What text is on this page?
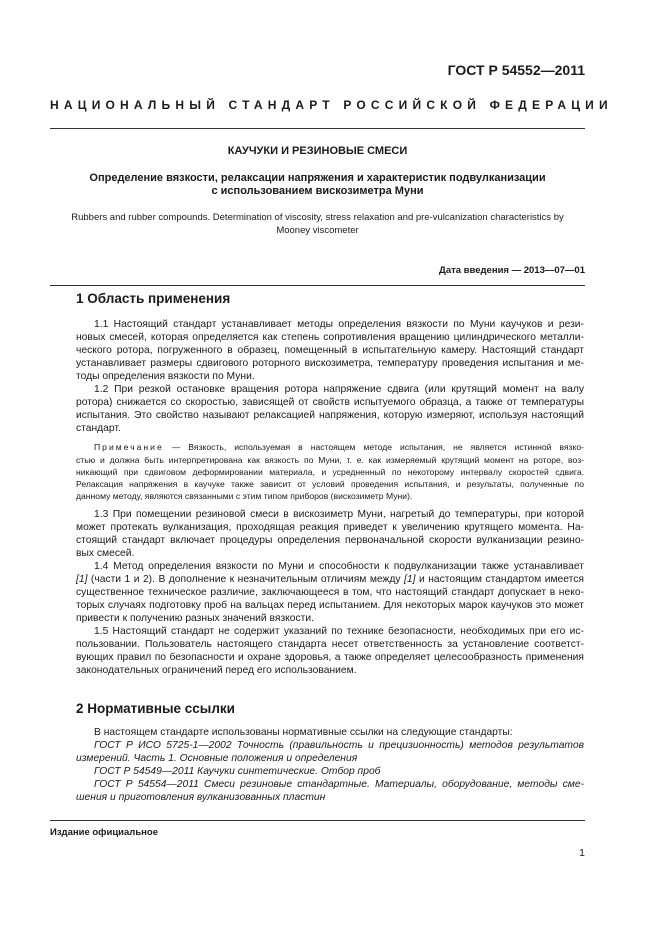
ГОСТ Р 54552—2011
НАЦИОНАЛЬНЫЙ СТАНДАРТ РОССИЙСКОЙ ФЕДЕРАЦИИ
КАУЧУКИ И РЕЗИНОВЫЕ СМЕСИ
Определение вязкости, релаксации напряжения и характеристик подвулканизации
с использованием вискозиметра Муни
Rubbers and rubber compounds. Determination of viscosity, stress relaxation and pre-vulcanization characteristics by
Mooney viscometer
Дата введения — 2013—07—01
1 Область применения
1.1 Настоящий стандарт устанавливает методы определения вязкости по Муни каучуков и рези-
новых смесей, которая определяется как степень сопротивления вращению цилиндрического металли-
ческого ротора, погруженного в образец, помещенный в испытательную камеру. Настоящий стандарт
устанавливает размеры сдвигового роторного вискозиметра, температуру проведения испытания и ме-
тоды определения вязкости по Муни.
1.2 При резкой остановке вращения ротора напряжение сдвига (или крутящий момент на валу
ротора) снижается со скоростью, зависящей от свойств испытуемого образца, а также от температуры
испытания. Это свойство называют релаксацией напряжения, которую измеряют, используя настоящий
стандарт.
Примечание — Вязкость, используемая в настоящем методе испытания, не является истинной вязко-
стью и должна быть интерпретирована как вязкость по Муни, т. е. как измеряемый крутящий момент на роторе, воз-
никающий при сдвиговом деформировании материала, и усредненный по некоторому интервалу скоростей сдвига.
Релаксация напряжения в каучуке также зависит от условий проведения испытания, и результаты, полученные по
данному методу, являются связанными с этим типом приборов (вискозиметр Муни).
1.3 При помещении резиновой смеси в вискозиметр Муни, нагретый до температуры, при которой
может протекать вулканизация, проходящая реакция приведет к увеличению крутящего момента. На-
стоящий стандарт включает процедуры определения первоначальной скорости вулканизации резино-
вых смесей.
1.4 Метод определения вязкости по Муни и способности к подвулканизации также устанавливает
[1] (части 1 и 2). В дополнение к незначительным отличиям между [1] и настоящим стандартом имеется
существенное техническое различие, заключающееся в том, что настоящий стандарт допускает в неко-
торых случаях подготовку проб на вальцах перед испытанием. Для некоторых марок каучуков это может
привести к получению разных значений вязкости.
1.5 Настоящий стандарт не содержит указаний по технике безопасности, необходимых при его ис-
пользовании. Пользователь настоящего стандарта несет ответственность за установление соответст-
вующих правил по безопасности и охране здоровья, а также определяет целесообразность применения
законодательных ограничений перед его использованием.
2 Нормативные ссылки
В настоящем стандарте использованы нормативные ссылки на следующие стандарты:
ГОСТ Р ИСО 5725-1—2002 Точность (правильность и прецизионность) методов результатов
измерений. Часть 1. Основные положения и определения
ГОСТ Р 54549—2011 Каучуки синтетические. Отбор проб
ГОСТ Р 54554—2011 Смеси резиновые стандартные. Материалы, оборудование, методы сме-
шения и приготовления вулканизованных пластин
Издание официальное
1
